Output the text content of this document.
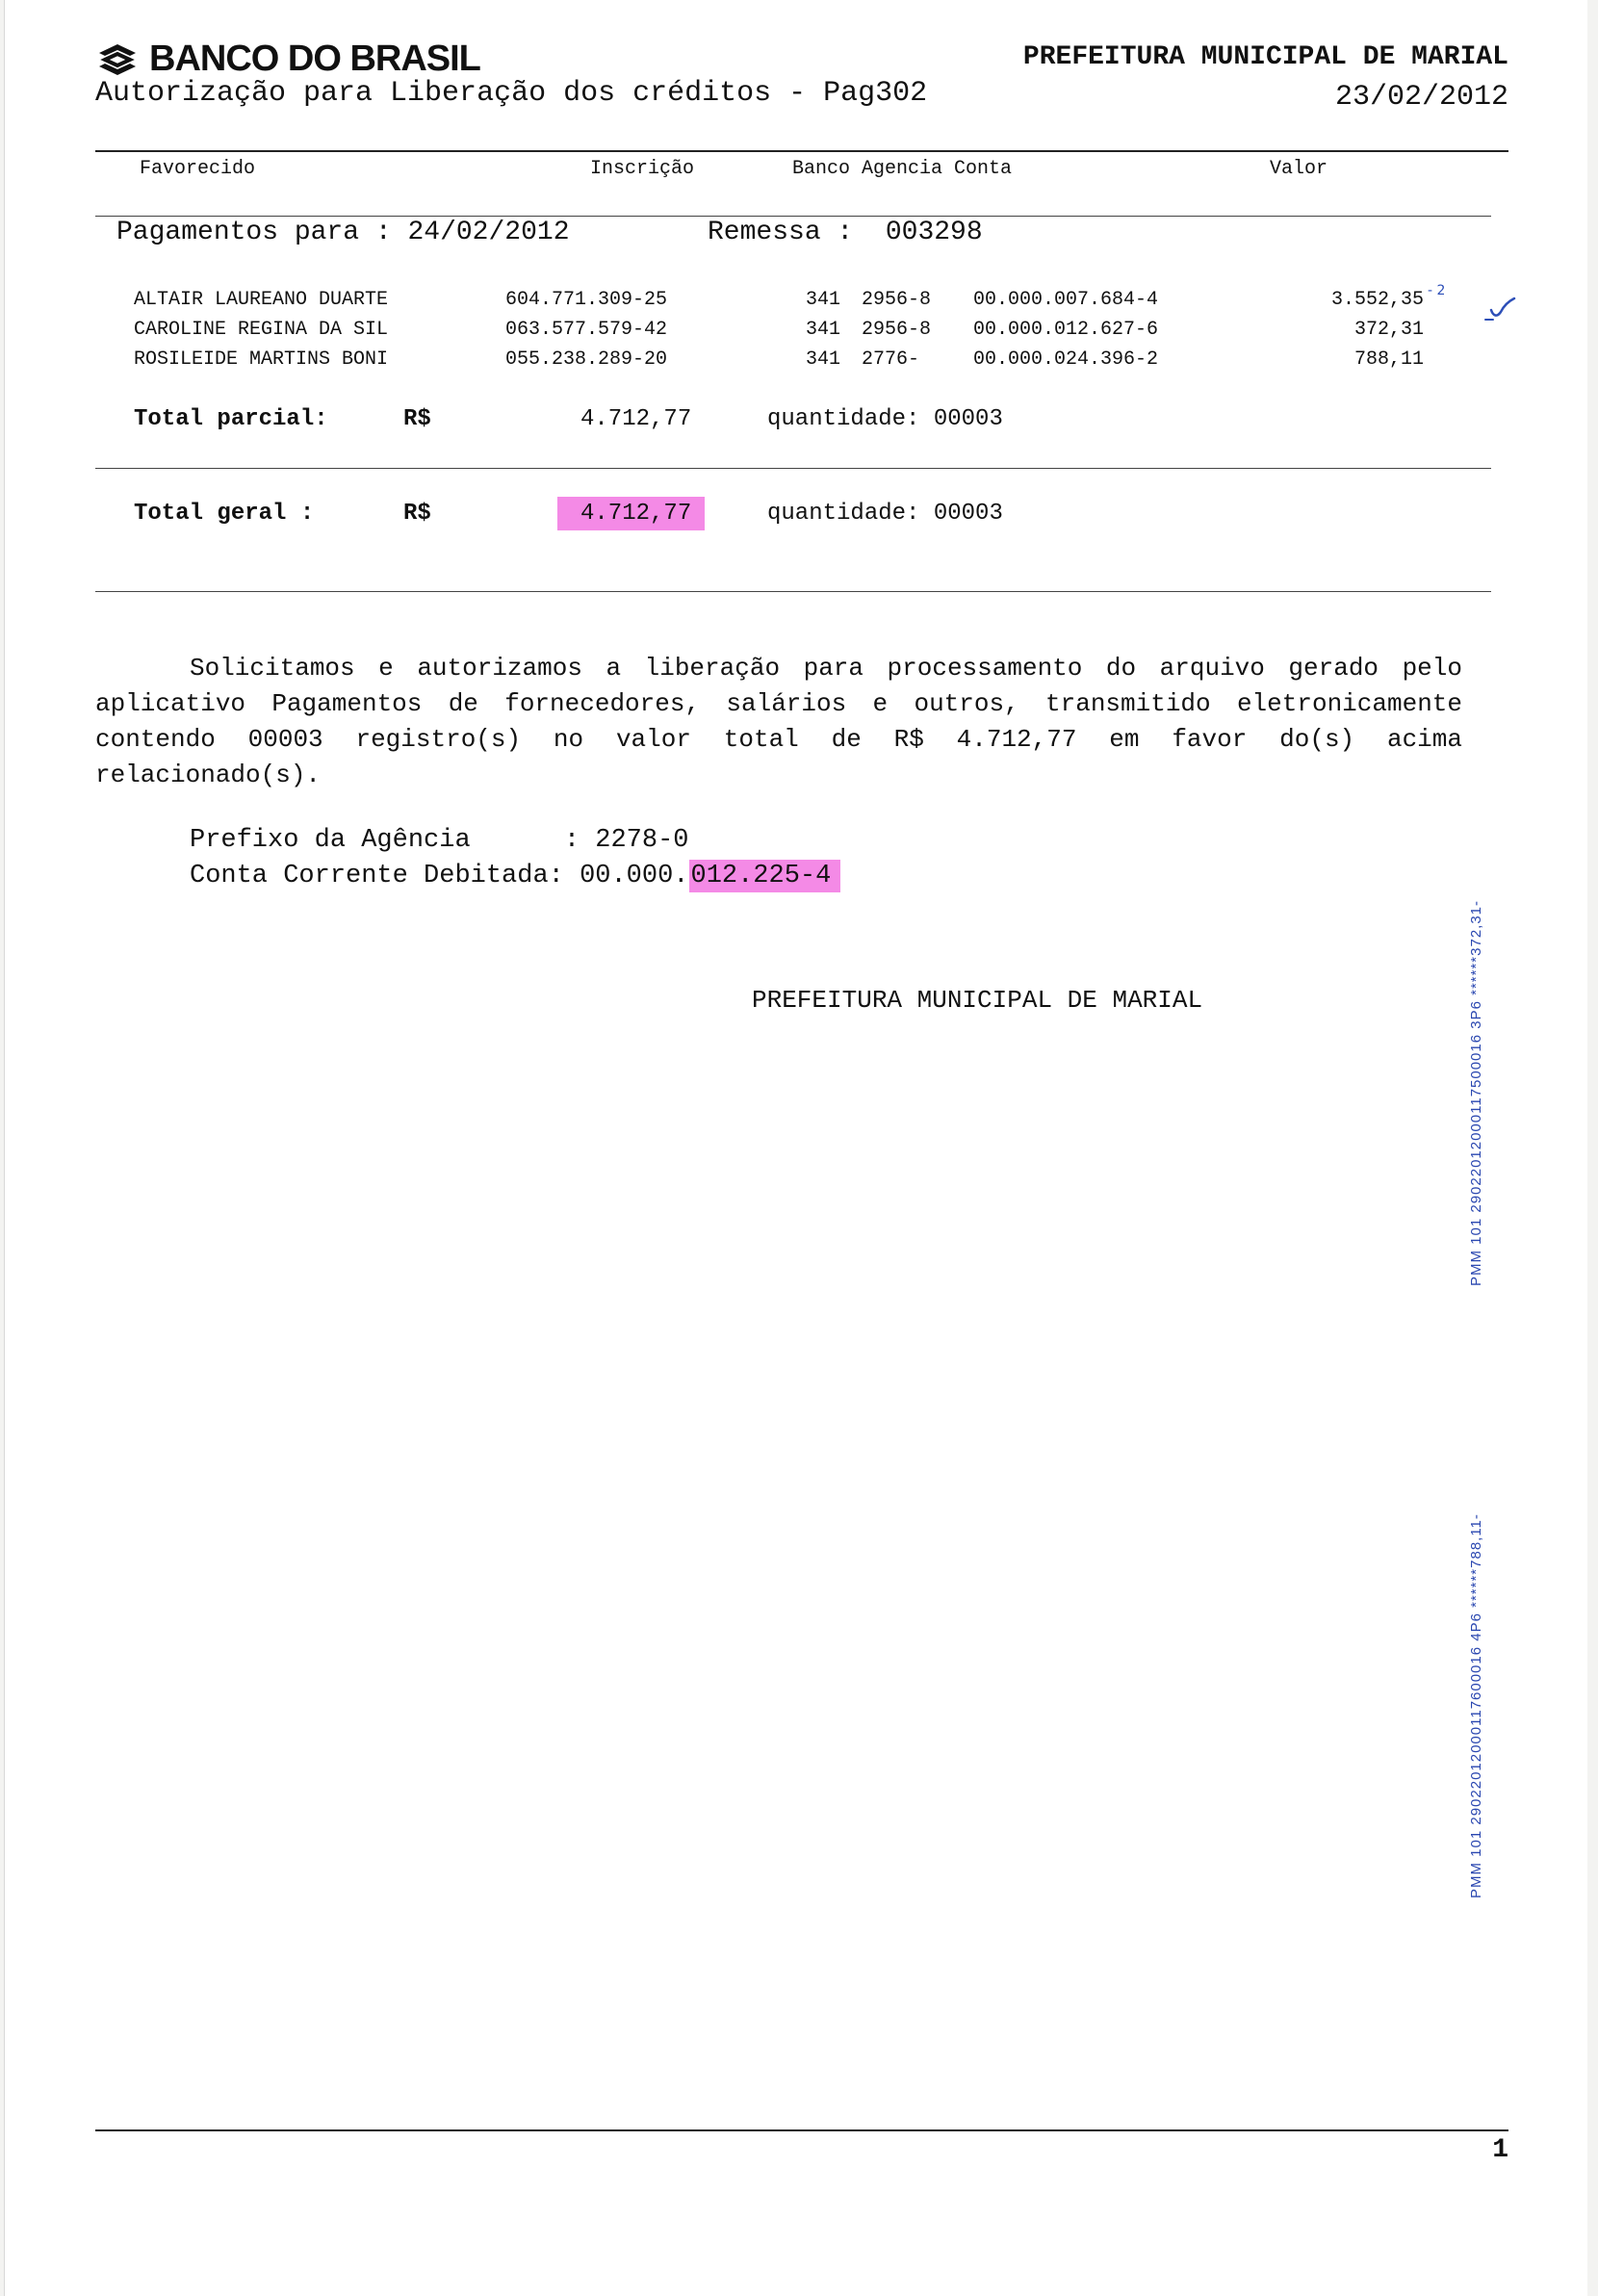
BANCO DO BRASIL
Autorização para Liberação dos créditos - Pag302
PREFEITURA MUNICIPAL DE MARIAL
23/02/2012
Favorecido	Inscrição	Banco Agencia Conta	Valor
Pagamentos para : 24/02/2012	Remessa : 003298
ALTAIR LAUREANO DUARTE	604.771.309-25	341 2956-8 00.000.007.684-4	3.552,35
CAROLINE REGINA DA SIL	063.577.579-42	341 2956-8 00.000.012.627-6	372,31
ROSILEIDE MARTINS BONI	055.238.289-20	341 2776-	00.000.024.396-2	788,11

- 2

Total parcial:	R$	4.712,77	quantidade: 00003
Total geral :	R$	4.712,77	quantidade: 00003

Solicitamos e autorizamos a liberação para processamento do arquivo gerado pelo aplicativo Pagamentos de fornecedores, salários e outros, transmitido eletronicamente contendo 00003 registro(s) no valor total de R$ 4.712,77 em favor do(s) acima relacionado(s).

Prefixo da Agência      : 2278-0
Conta Corrente Debitada: 00.000.012.225-4
PREFEITURA MUNICIPAL DE MARIAL	PMM 101 29022012000117500016 3P6 ******372,31-
PMM 101 29022012000117600016 4P6 ******788,11-
1
